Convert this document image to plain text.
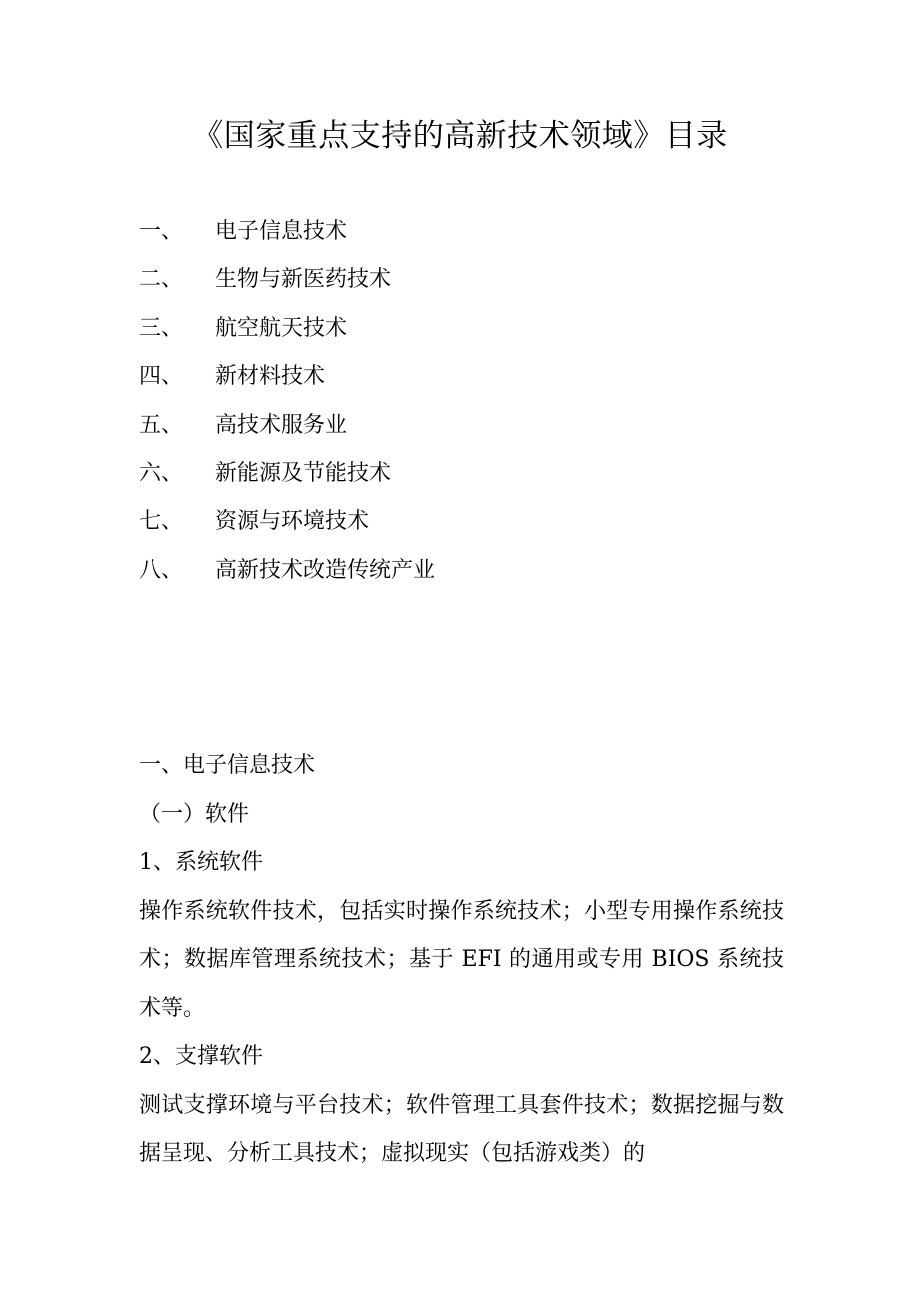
《国家重点支持的高新技术领域》目录
一、 电子信息技术
二、 生物与新医药技术
三、 航空航天技术
四、 新材料技术
五、 高技术服务业
六、 新能源及节能技术
七、 资源与环境技术
八、 高新技术改造传统产业
一、电子信息技术
（一）软件
1、系统软件
操作系统软件技术，包括实时操作系统技术；小型专用操作系统技术；数据库管理系统技术；基于 EFI 的通用或专用 BIOS 系统技术等。
2、支撑软件
测试支撑环境与平台技术；软件管理工具套件技术；数据挖掘与数据呈现、分析工具技术；虚拟现实（包括游戏类）的
